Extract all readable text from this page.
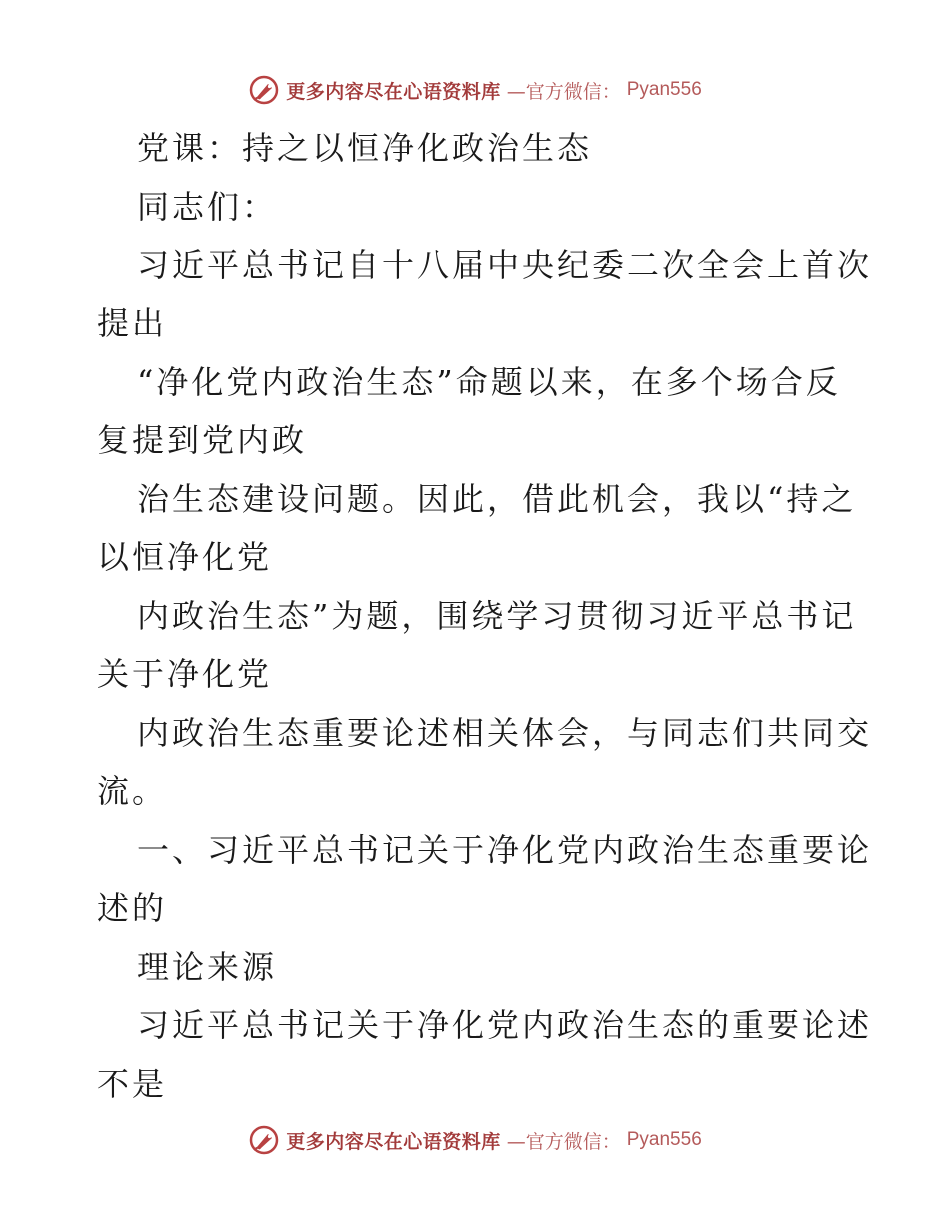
更多内容尽在心语资料库 —官方微信： Pyan556
党课：持之以恒净化政治生态
同志们：
习近平总书记自十八届中央纪委二次全会上首次
提出
“净化党内政治生态”命题以来，在多个场合反
复提到党内政
治生态建设问题。因此，借此机会，我以“持之
以恒净化党
内政治生态”为题，围绕学习贯彻习近平总书记
关于净化党
内政治生态重要论述相关体会，与同志们共同交
流。
一、习近平总书记关于净化党内政治生态重要论
述的
理论来源
习近平总书记关于净化党内政治生态的重要论述
不是
更多内容尽在心语资料库 —官方微信： Pyan556
